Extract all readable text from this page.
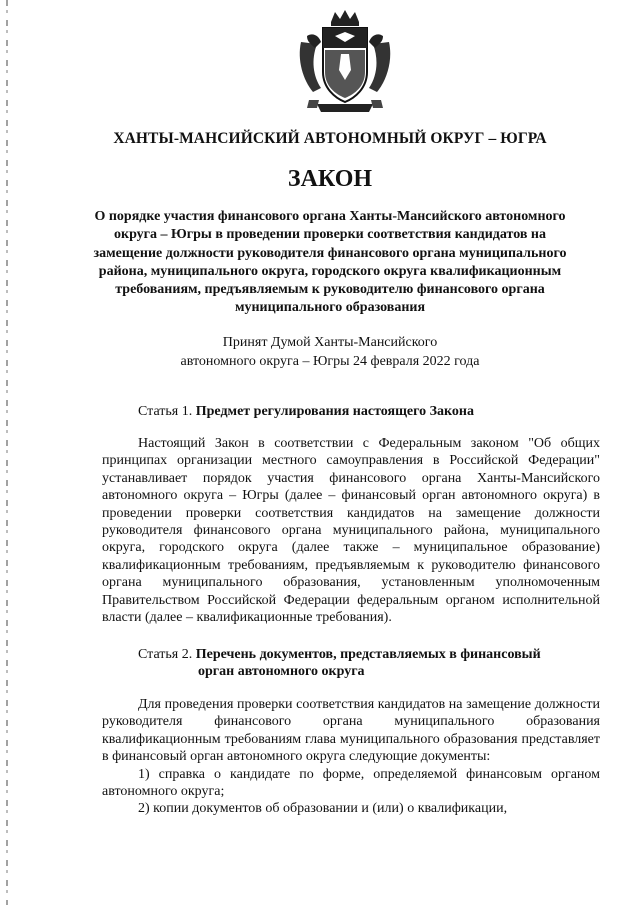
ХАНТЫ-МАНСИЙСКИЙ АВТОНОМНЫЙ ОКРУГ – ЮГРА
ЗАКОН
О порядке участия финансового органа Ханты-Мансийского автономного округа – Югры в проведении проверки соответствия кандидатов на замещение должности руководителя финансового органа муниципального района, муниципального округа, городского округа квалификационным требованиям, предъявляемым к руководителю финансового органа муниципального образования
Принят Думой Ханты-Мансийского
автономного округа – Югры 24 февраля 2022 года
Статья 1. Предмет регулирования настоящего Закона

Настоящий Закон в соответствии с Федеральным законом "Об общих принципах организации местного самоуправления в Российской Федерации" устанавливает порядок участия финансового органа Ханты-Мансийского автономного округа – Югры (далее – финансовый орган автономного округа) в проведении проверки соответствия кандидатов на замещение должности руководителя финансового органа муниципального района, муниципального округа, городского округа (далее также – муниципальное образование) квалификационным требованиям, предъявляемым к руководителю финансового органа муниципального образования, установленным уполномоченным Правительством Российской Федерации федеральным органом исполнительной власти (далее – квалификационные требования).

Статья 2. Перечень документов, представляемых в финансовый
орган автономного округа

Для проведения проверки соответствия кандидатов на замещение должности руководителя финансового органа муниципального образования квалификационным требованиям глава муниципального образования представляет в финансовый орган автономного округа следующие документы:

1) справка о кандидате по форме, определяемой финансовым органом автономного округа;

2) копии документов об образовании и (или) о квалификации,
